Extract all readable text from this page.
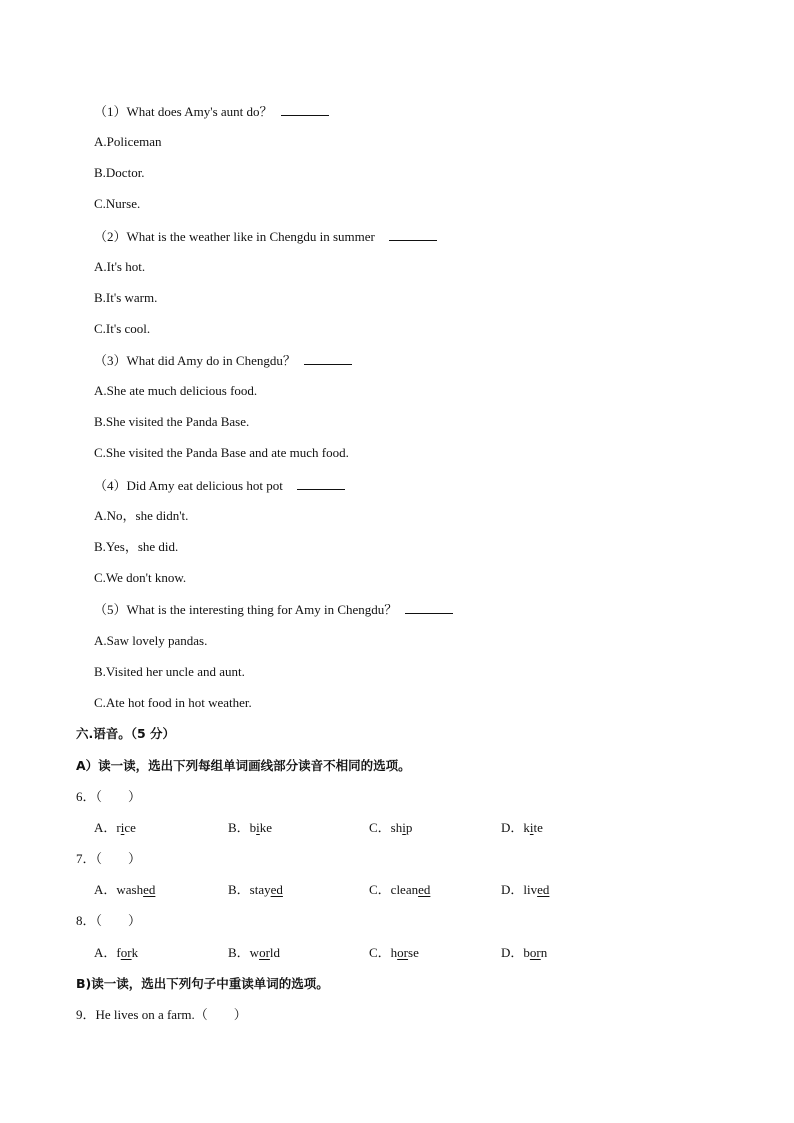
（1）What does Amy's aunt do？
A.Policeman
B.Doctor.
C.Nurse.
（2）What is the weather like in Chengdu in summer
A.It's hot.
B.It's warm.
C.It's cool.
（3）What did Amy do in Chengdu？
A.She ate much delicious food.
B.She visited the Panda Base.
C.She visited the Panda Base and ate much food.
（4）Did Amy eat delicious hot pot
A.No，she didn't.
B.Yes，she did.
C.We don't know.
（5）What is the interesting thing for Amy in Chengdu？
A.Saw lovely pandas.
B.Visited her uncle and aunt.
C.Ate hot food in hot weather.
六.语音。（5 分）
A）读一读，选出下列每组单词画线部分读音不相同的选项。
6．（　　）
A．rice	B．bike	C．ship	D．kite
7．（　　）
A．washed	B．stayed	C．cleaned	D．lived
8．（　　）
A．fork	B．world	C．horse	D．born
B)读一读，选出下列句子中重读单词的选项。
9．He lives on a farm.（　　）
